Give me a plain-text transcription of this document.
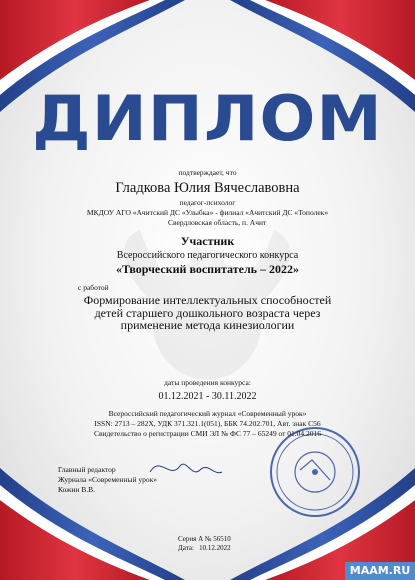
ДИПЛОМ
подтверждает, что
Гладкова Юлия Вячеславовна
педагог-психолог
МКДОУ АГО «Ачитский ДС «Улыбка» - филиал «Ачитский ДС «Тополек»
Свердловская область, п. Ачит
Участник
Всероссийского педагогического конкурса
«Творческий воспитатель – 2022»
с работой
Формирование интеллектуальных способностей
детей старшего дошкольного возраста через
применение метода кинезиологии
даты проведения конкурса:
01.12.2021 - 30.11.2022
Всероссийский педагогический журнал «Современный урок»
ISSN: 2713 – 282X, УДК 371.321.1(051), ББК 74.202.701, Авт. знак С56
Свидетельство о регистрации СМИ ЭЛ № ФС 77 – 65249 от 01.04.2016
Главный редактор
Журнала «Современный урок»
Кожин В.В.
Серия А № 56510
Дата:   10.12.2022
MAAM.RU
